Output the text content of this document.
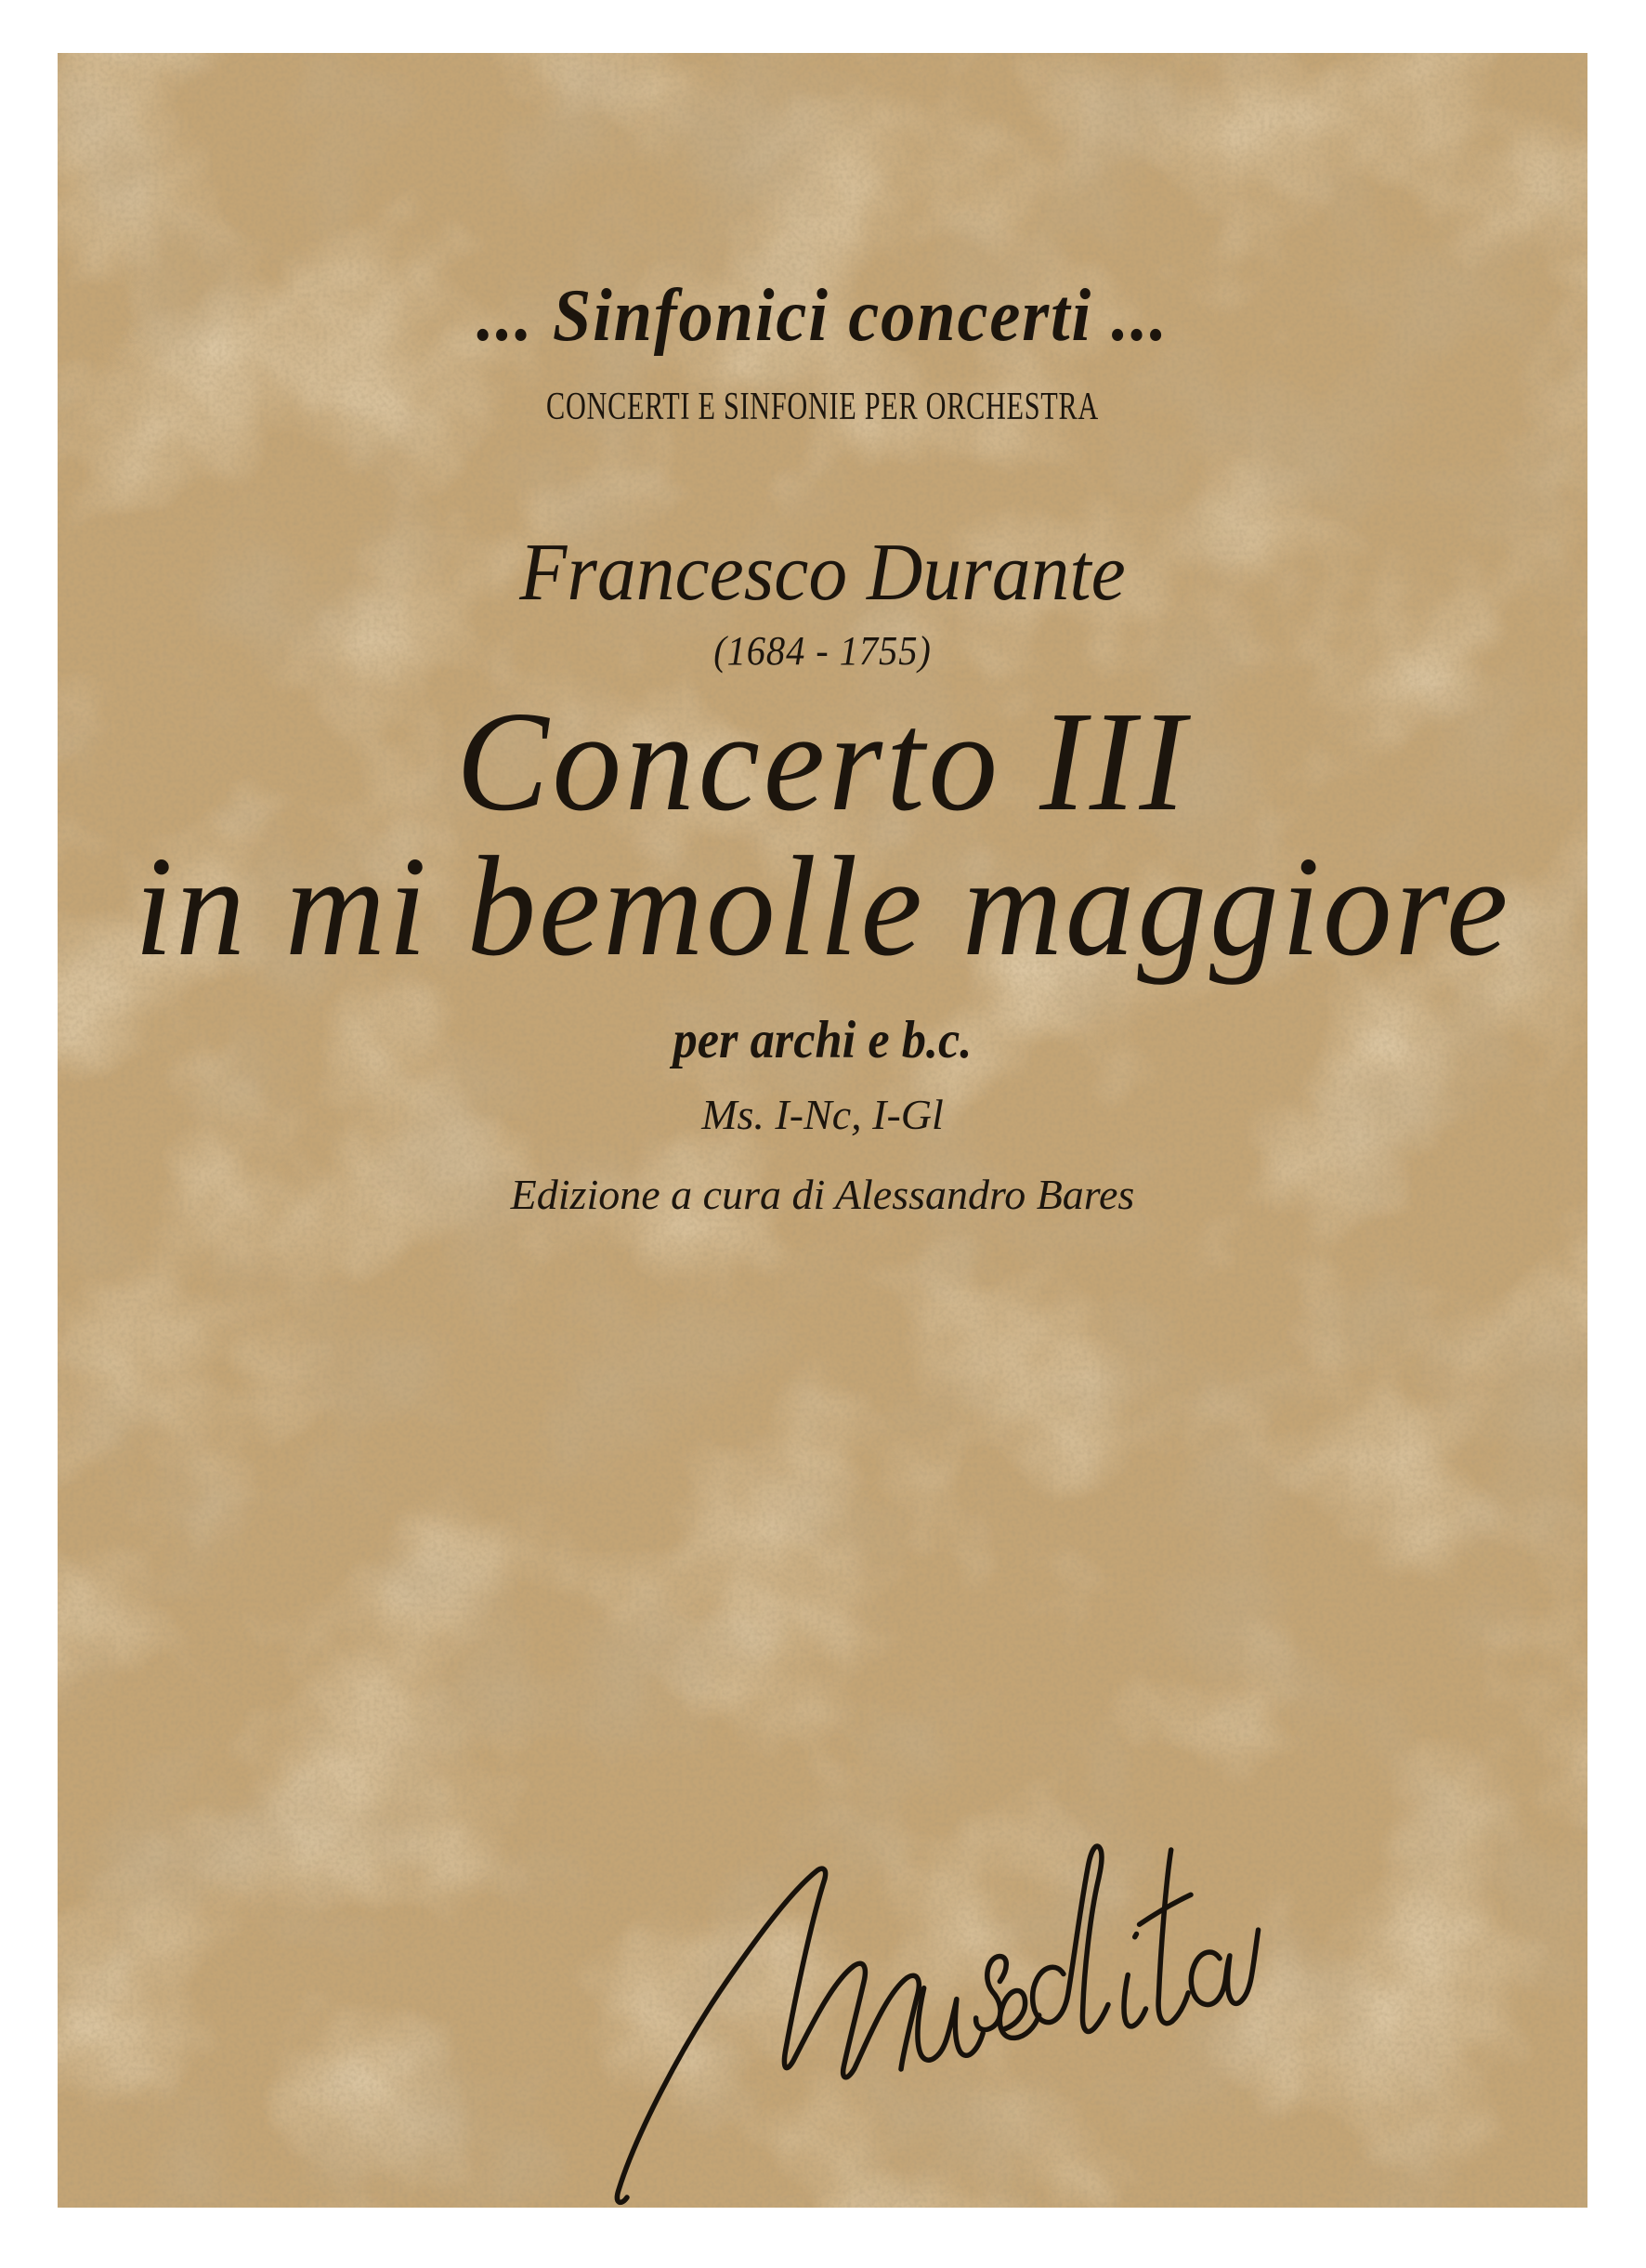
... Sinfonici concerti ...
CONCERTI E SINFONIE PER ORCHESTRA
Francesco Durante
(1684 - 1755)
Concerto III
in mi bemolle maggiore
per archi e b.c.
Ms. I-Nc, I-Gl
Edizione a cura di Alessandro Bares
